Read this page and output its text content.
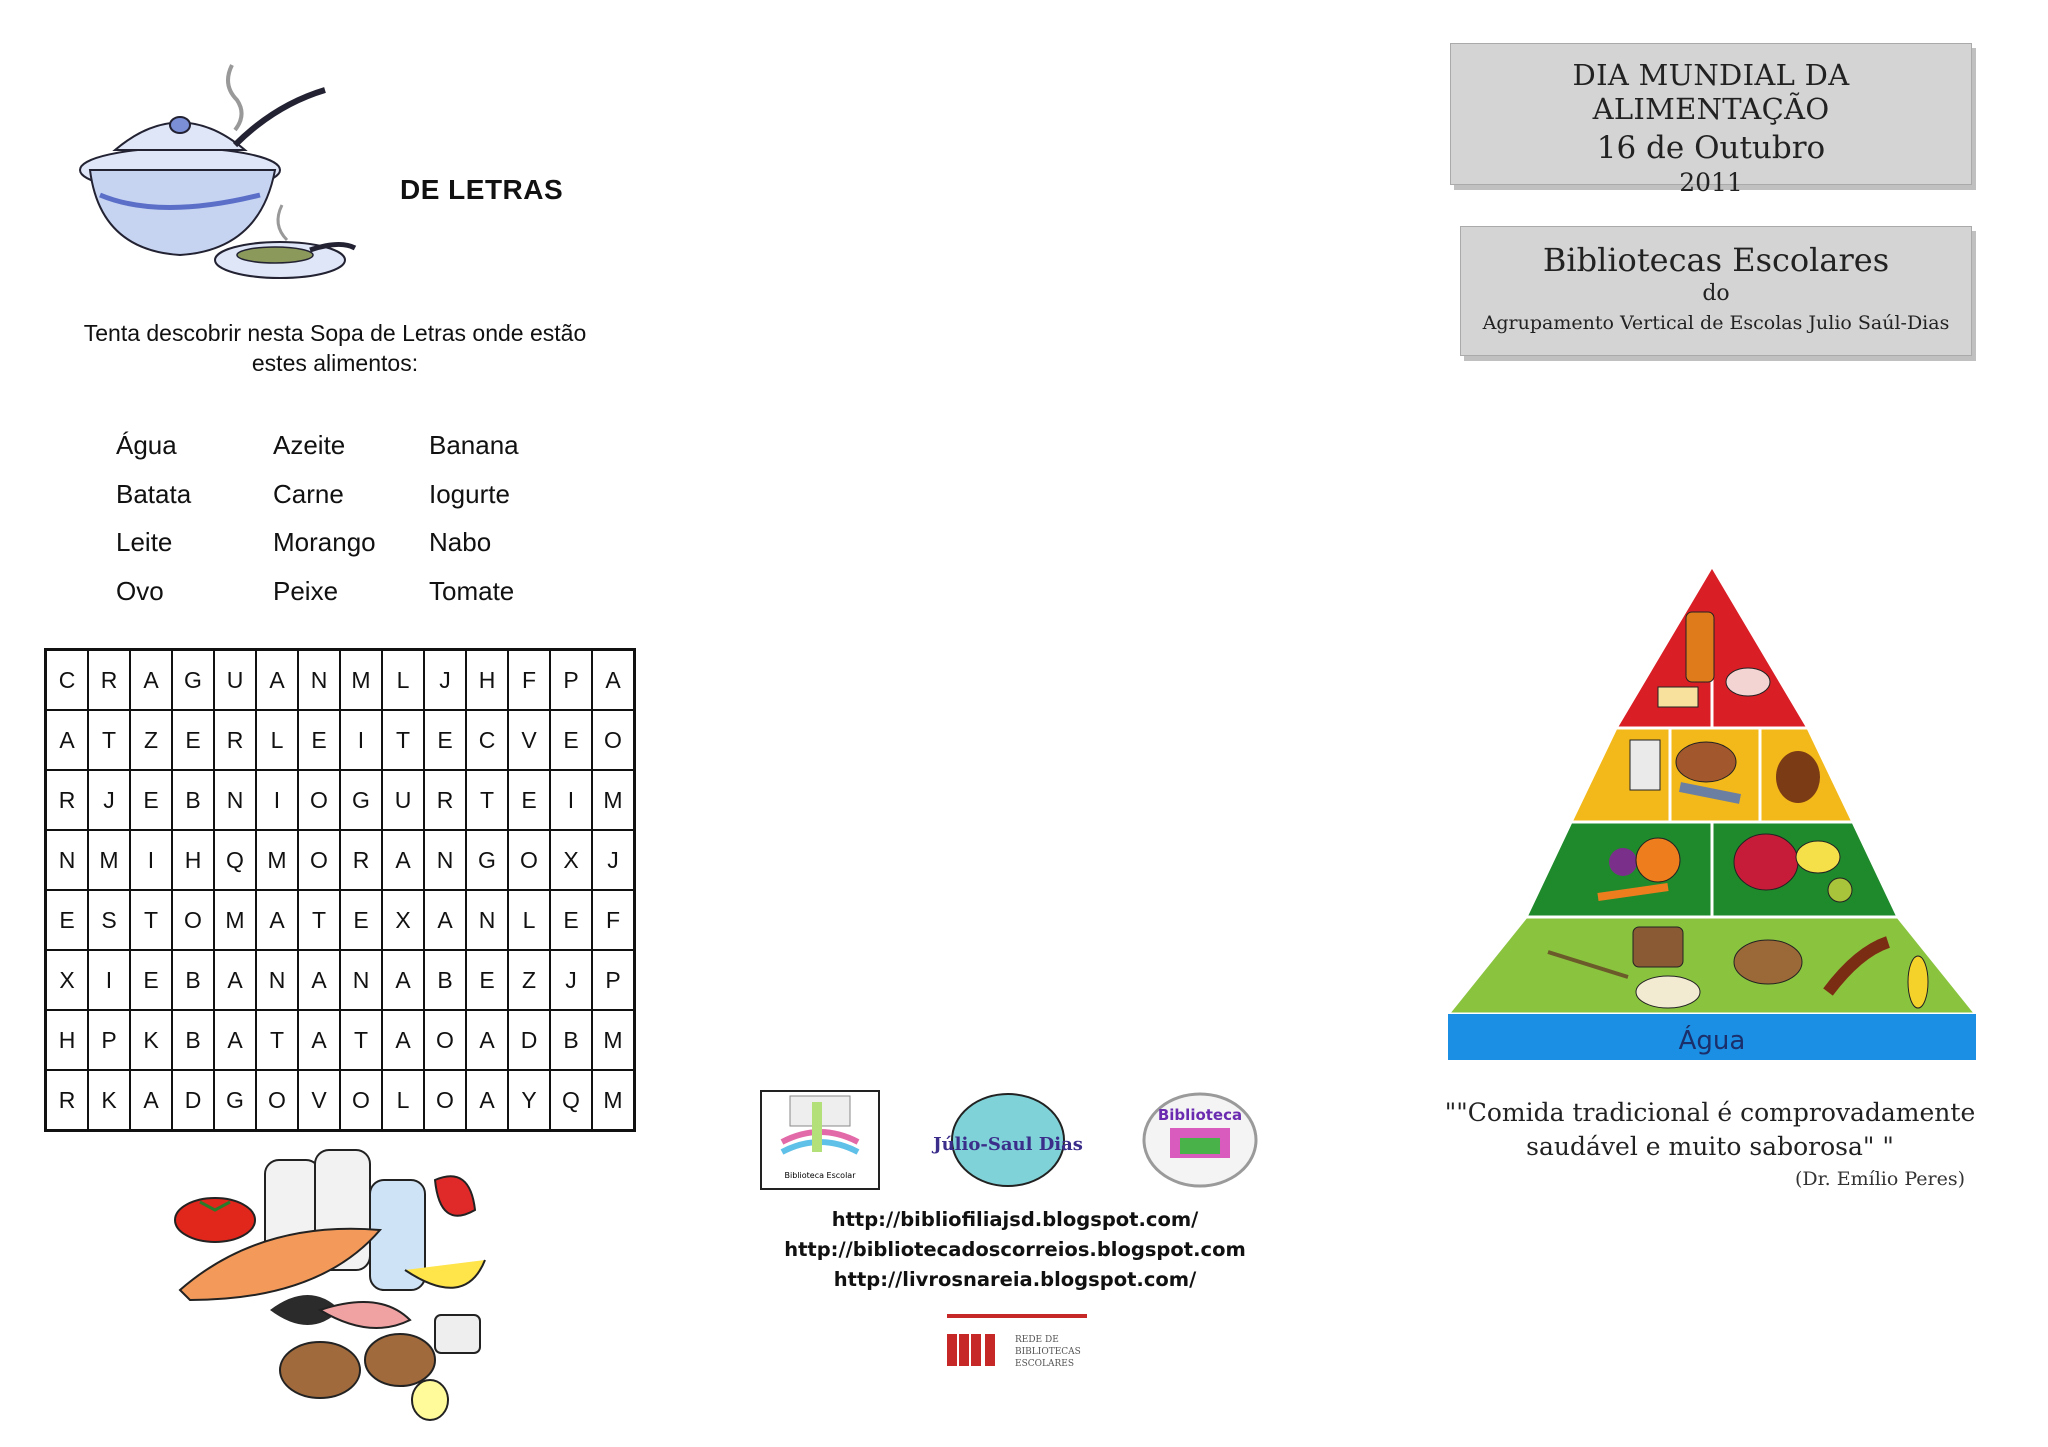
DE LETRAS
Tenta descobrir nesta Sopa de Letras onde estão estes alimentos:
Água	Azeite	Banana
Batata	Carne	Iogurte
Leite	Morango	Nabo
Ovo	Peixe	Tomate
C	R	A	G	U	A	N	M	L	J	H	F	P	A
A	T	Z	E	R	L	E	I	T	E	C	V	E	O
R	J	E	B	N	I	O	G	U	R	T	E	I	M
N	M	I	H	Q	M	O	R	A	N	G	O	X	J
E	S	T	O	M	A	T	E	X	A	N	L	E	F
X	I	E	B	A	N	A	N	A	B	E	Z	J	P
H	P	K	B	A	T	A	T	A	O	A	D	B	M
R	K	A	D	G	O	V	O	L	O	A	Y	Q	M
Biblioteca Escolar
Júlio-Saul Dias
Biblioteca
http://bibliofiliajsd.blogspot.com/
http://bibliotecadoscorreios.blogspot.com
http://livrosnareia.blogspot.com/
REDE DE
BIBLIOTECAS
ESCOLARES
DIA MUNDIAL DA ALIMENTAÇÃO
16 de Outubro
2011
Bibliotecas Escolares
do
Agrupamento Vertical de Escolas Julio Saúl-Dias
Água
""Comida tradicional é comprovadamente
saudável e muito saborosa" "
(Dr. Emílio Peres)
